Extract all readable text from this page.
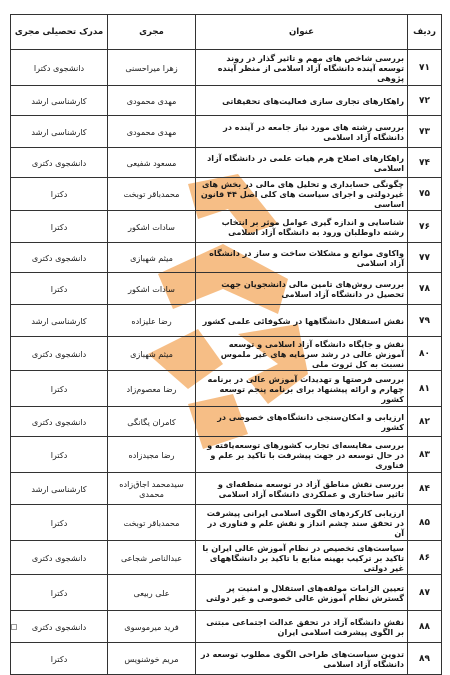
ردیف	عنوان	مجری	مدرک تحصیلی مجری
۷۱	بررسی شاخص های مهم و تاثیر گذار در روند توسعه آینده دانشگاه آزاد اسلامی از منظر آینده پژوهی	زهرا میراحسنی	دانشجوی دکترا
۷۲	راهکارهای تجاری سازی فعالیت‌های تحقیقاتی	مهدی محمودی	کارشناسی ارشد
۷۳	بررسی رشته های مورد نیاز جامعه در آینده در دانشگاه آزاد اسلامی	مهدی محمودی	کارشناسی ارشد
۷۴	راهکارهای اصلاح هرم هیات علمی در دانشگاه آزاد اسلامی	مسعود شفیعی	دانشجوی دکتری
۷۵	چگونگی حسابداری و تحلیل های مالی در بخش های غیردولتی و اجرای سیاست های کلی اصل ۴۴ قانون اساسی	محمدباقر توبخت	دکترا
۷۶	شناسایی و اندازه گیری عوامل موثر بر انتخاب رشته داوطلبان ورود به دانشگاه آزاد اسلامی	سادات اشکور	دکترا
۷۷	واکاوی موانع و مشکلات ساخت و ساز در دانشگاه آزاد اسلامی	میثم شهبازی	دانشجوی دکتری
۷۸	بررسی روش‌های تامین مالی دانشجویان جهت تحصیل در دانشگاه آزاد اسلامی	سادات اشکور	دکترا
۷۹	نقش استقلال دانشگاهها در شکوفائی علمی کشور	رضا علیزاده	کارشناسی ارشد
۸۰	نقش و جایگاه دانشگاه آزاد اسلامی و توسعه آموزش عالی در رشد سرمایه های غیر ملموس نسبت به کل ثروت ملی	میثم شهبازی	دانشجوی دکتری
۸۱	بررسی فرصتها و تهدیدات آموزش عالی در برنامه چهارم و ارائه پیشنهاد برای برنامه پنجم توسعه کشور	رضا معصوم‌زاد	دکترا
۸۲	ارزیابی و امکان‌سنجی دانشگاه‌های خصوصی در کشور	کامران یگانگی	دانشجوی دکتری
۸۳	بررسی مقایسه‌ای تجارب کشورهای توسعه‌یافته و در حال توسعه در جهت پیشرفت با تاکید بر علم و فناوری	رضا مجیدزاده	دکترا
۸۴	بررسی نقش مناطق آزاد در توسعه منطقه‌ای و تاثیر ساختاری و عملکردی دانشگاه آزاد اسلامی	سیدمحمد اجاق‌زاده محمدی	کارشناسی ارشد
۸۵	ارزیابی کارکردهای الگوی اسلامی ایرانی پیشرفت در تحقق سند چشم انداز و نقش علم و فناوری در آن	محمدباقر توبخت	دکترا
۸۶	سیاست‌های تخصیص در نظام آموزش عالی ایران با تاکید بر ترکیب بهینه منابع با تاکید بر دانشگاههای غیر دولتی	عبدالناصر شجاعی	دانشجوی دکتری
۸۷	تعیین الزامات مولفه‌های استقلال و امنیت پر گسترش نظام آموزش عالی خصوصی و غیر دولتی	علی ربیعی	دکترا
۸۸	نقش دانشگاه آزاد در تحقق عدالت اجتماعی مبتنی بر الگوی پیشرفت اسلامی ایران	فرید میرموسوی	دانشجوی دکتری
۸۹	تدوین سیاست‌های طراحی الگوی مطلوب توسعه در دانشگاه آزاد اسلامی	مریم خوشنویس	دکترا
